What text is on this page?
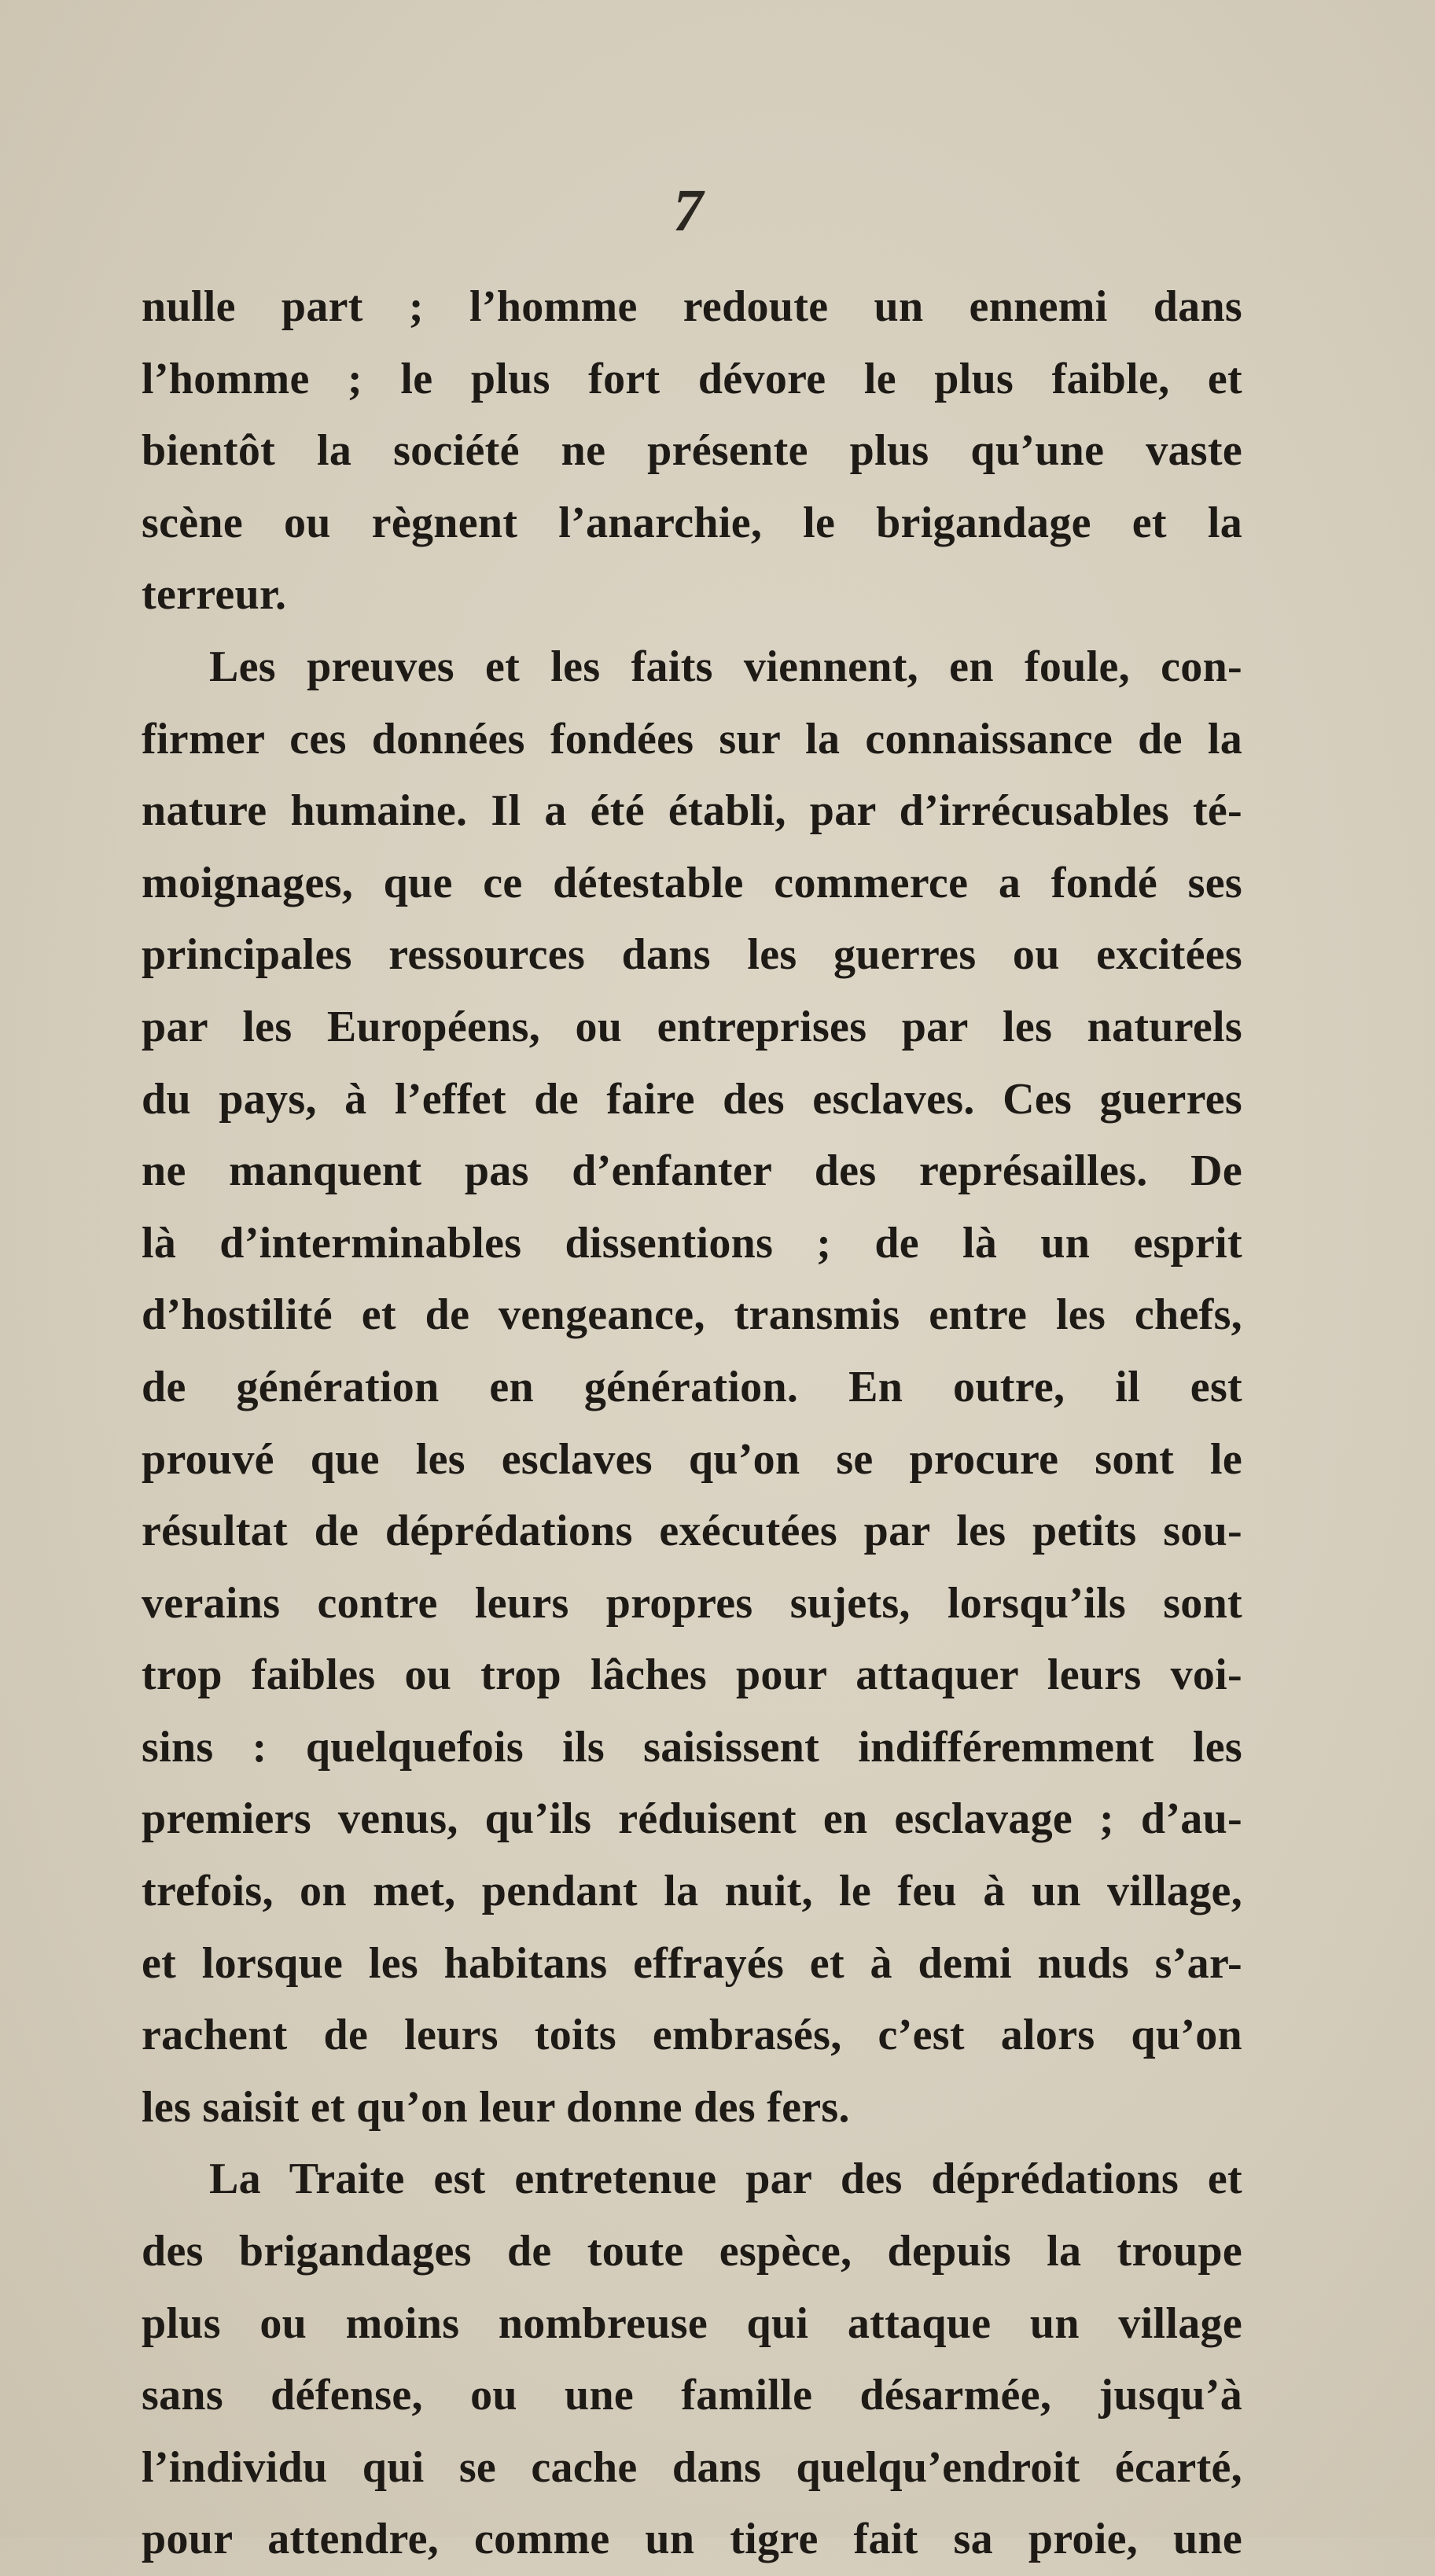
7
nulle part ; l’homme redoute un ennemi dans
l’homme ; le plus fort dévore le plus faible, et
bientôt la société ne présente plus qu’une vaste
scène ou règnent l’anarchie, le brigandage et la
terreur.
Les preuves et les faits viennent, en foule, con-
firmer ces données fondées sur la connaissance de la
nature humaine. Il a été établi, par d’irrécusables té-
moignages, que ce détestable commerce a fondé ses
principales ressources dans les guerres ou excitées
par les Européens, ou entreprises par les naturels
du pays, à l’effet de faire des esclaves. Ces guerres
ne manquent pas d’enfanter des représailles. De
là d’interminables dissentions ; de là un esprit
d’hostilité et de vengeance, transmis entre les chefs,
de génération en génération. En outre, il est
prouvé que les esclaves qu’on se procure sont le
résultat de déprédations exécutées par les petits sou-
verains contre leurs propres sujets, lorsqu’ils sont
trop faibles ou trop lâches pour attaquer leurs voi-
sins : quelquefois ils saisissent indifféremment les
premiers venus, qu’ils réduisent en esclavage ; d’au-
trefois, on met, pendant la nuit, le feu à un village,
et lorsque les habitans effrayés et à demi nuds s’ar-
rachent de leurs toits embrasés, c’est alors qu’on
les saisit et qu’on leur donne des fers.
La Traite est entretenue par des déprédations et
des brigandages de toute espèce, depuis la troupe
plus ou moins nombreuse qui attaque un village
sans défense, ou une famille désarmée, jusqu’à
l’individu qui se cache dans quelqu’endroit écarté,
pour attendre, comme un tigre fait sa proie, une
